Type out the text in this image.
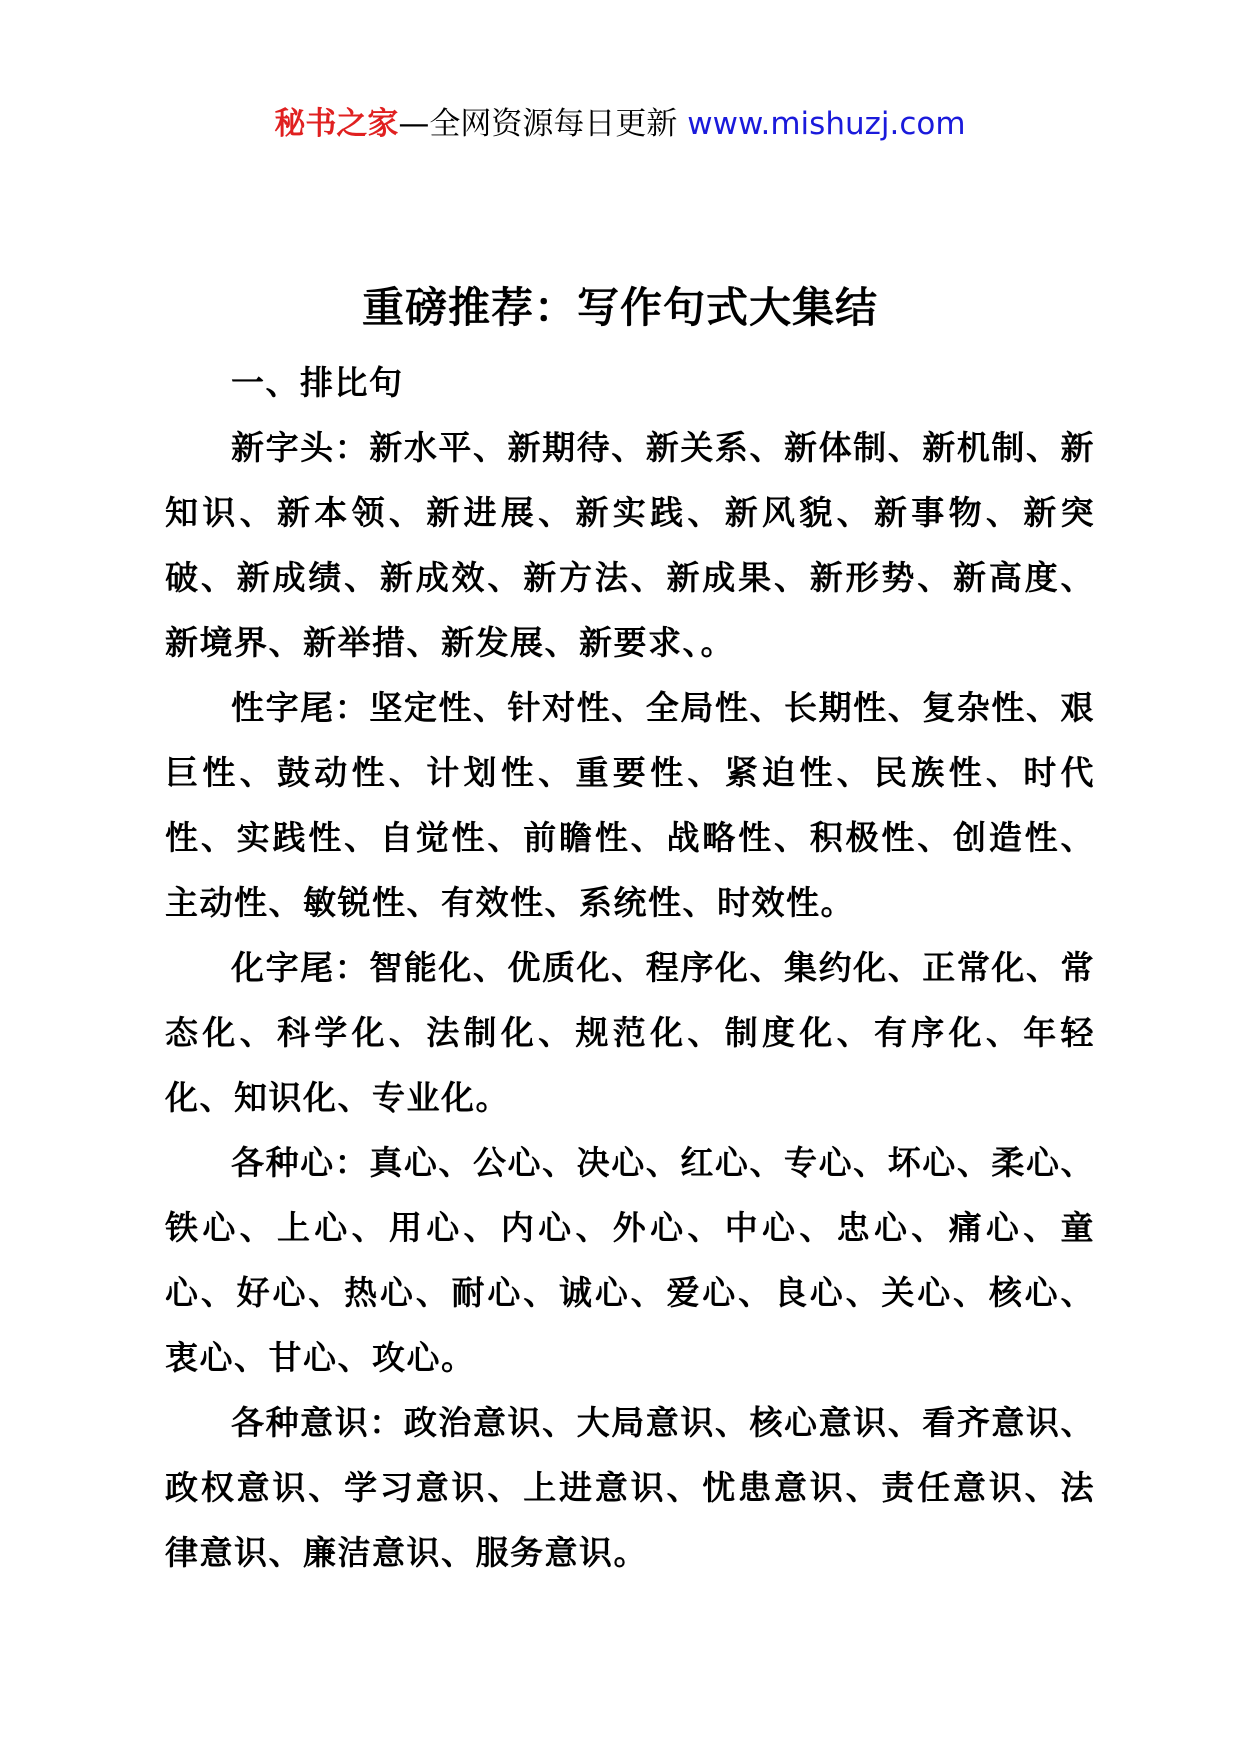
秘书之家—全网资源每日更新 www.mishuzj.com
重磅推荐：写作句式大集结

一、排比句

新字头：新水平、新期待、新关系、新体制、新机制、新知识、新本领、新进展、新实践、新风貌、新事物、新突破、新成绩、新成效、新方法、新成果、新形势、新高度、新境界、新举措、新发展、新要求、。

性字尾：坚定性、针对性、全局性、长期性、复杂性、艰巨性、鼓动性、计划性、重要性、紧迫性、民族性、时代性、实践性、自觉性、前瞻性、战略性、积极性、创造性、主动性、敏锐性、有效性、系统性、时效性。

化字尾：智能化、优质化、程序化、集约化、正常化、常态化、科学化、法制化、规范化、制度化、有序化、年轻化、知识化、专业化。

各种心：真心、公心、决心、红心、专心、坏心、柔心、铁心、上心、用心、内心、外心、中心、忠心、痛心、童心、好心、热心、耐心、诚心、爱心、良心、关心、核心、衷心、甘心、攻心。

各种意识：政治意识、大局意识、核心意识、看齐意识、政权意识、学习意识、上进意识、忧患意识、责任意识、法律意识、廉洁意识、服务意识。
